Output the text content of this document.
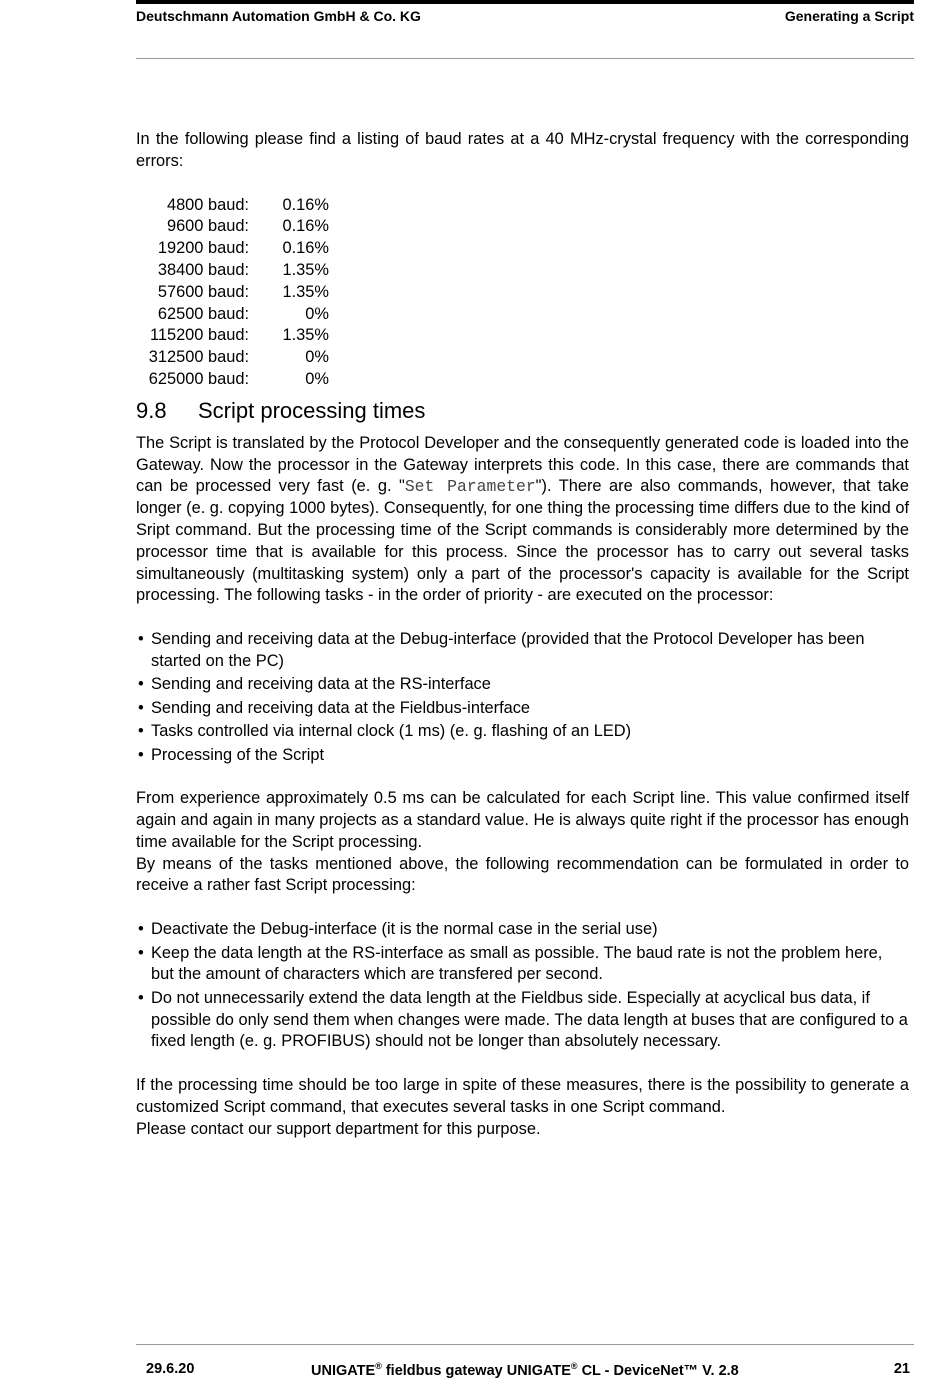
Deutschmann Automation GmbH & Co. KG	Generating a Script

In the following please find a listing of baud rates at a 40 MHz-crystal frequency with the corresponding errors:

4800 baud:	0.16%
9600 baud:	0.16%
19200 baud:	0.16%
38400 baud:	1.35%
57600 baud:	1.35%
62500 baud:	0%
115200 baud:	1.35%
312500 baud:	0%
625000 baud:	0%
9.8 Script processing times

The Script is translated by the Protocol Developer and the consequently generated code is loaded into the Gateway. Now the processor in the Gateway interprets this code. In this case, there are commands that can be processed very fast (e. g. "Set Parameter"). There are also commands, however, that take longer (e. g. copying 1000 bytes). Consequently, for one thing the processing time differs due to the kind of Sript command. But the processing time of the Script commands is considerably more determined by the processor time that is available for this process. Since the processor has to carry out several tasks simultaneously (multitasking system) only a part of the processor's capacity is available for the Script processing. The following tasks - in the order of priority - are executed on the processor:

• Sending and receiving data at the Debug-interface (provided that the Protocol Developer has been started on the PC)
• Sending and receiving data at the RS-interface
• Sending and receiving data at the Fieldbus-interface
• Tasks controlled via internal clock (1 ms) (e. g. flashing of an LED)
• Processing of the Script

From experience approximately 0.5 ms can be calculated for each Script line. This value confirmed itself again and again in many projects as a standard value. He is always quite right if the processor has enough time available for the Script processing.

By means of the tasks mentioned above, the following recommendation can be formulated in order to receive a rather fast Script processing:

• Deactivate the Debug-interface (it is the normal case in the serial use)
• Keep the data length at the RS-interface as small as possible. The baud rate is not the problem here, but the amount of characters which are transfered per second.
• Do not unnecessarily extend the data length at the Fieldbus side. Especially at acyclical bus data, if possible do only send them when changes were made. The data length at buses that are configured to a fixed length (e. g. PROFIBUS) should not be longer than absolutely necessary.

If the processing time should be too large in spite of these measures, there is the possibility to generate a customized Script command, that executes several tasks in one Script command.

Please contact our support department for this purpose.

29.6.20	UNIGATE® fieldbus gateway UNIGATE® CL - DeviceNet™ V. 2.8	21
